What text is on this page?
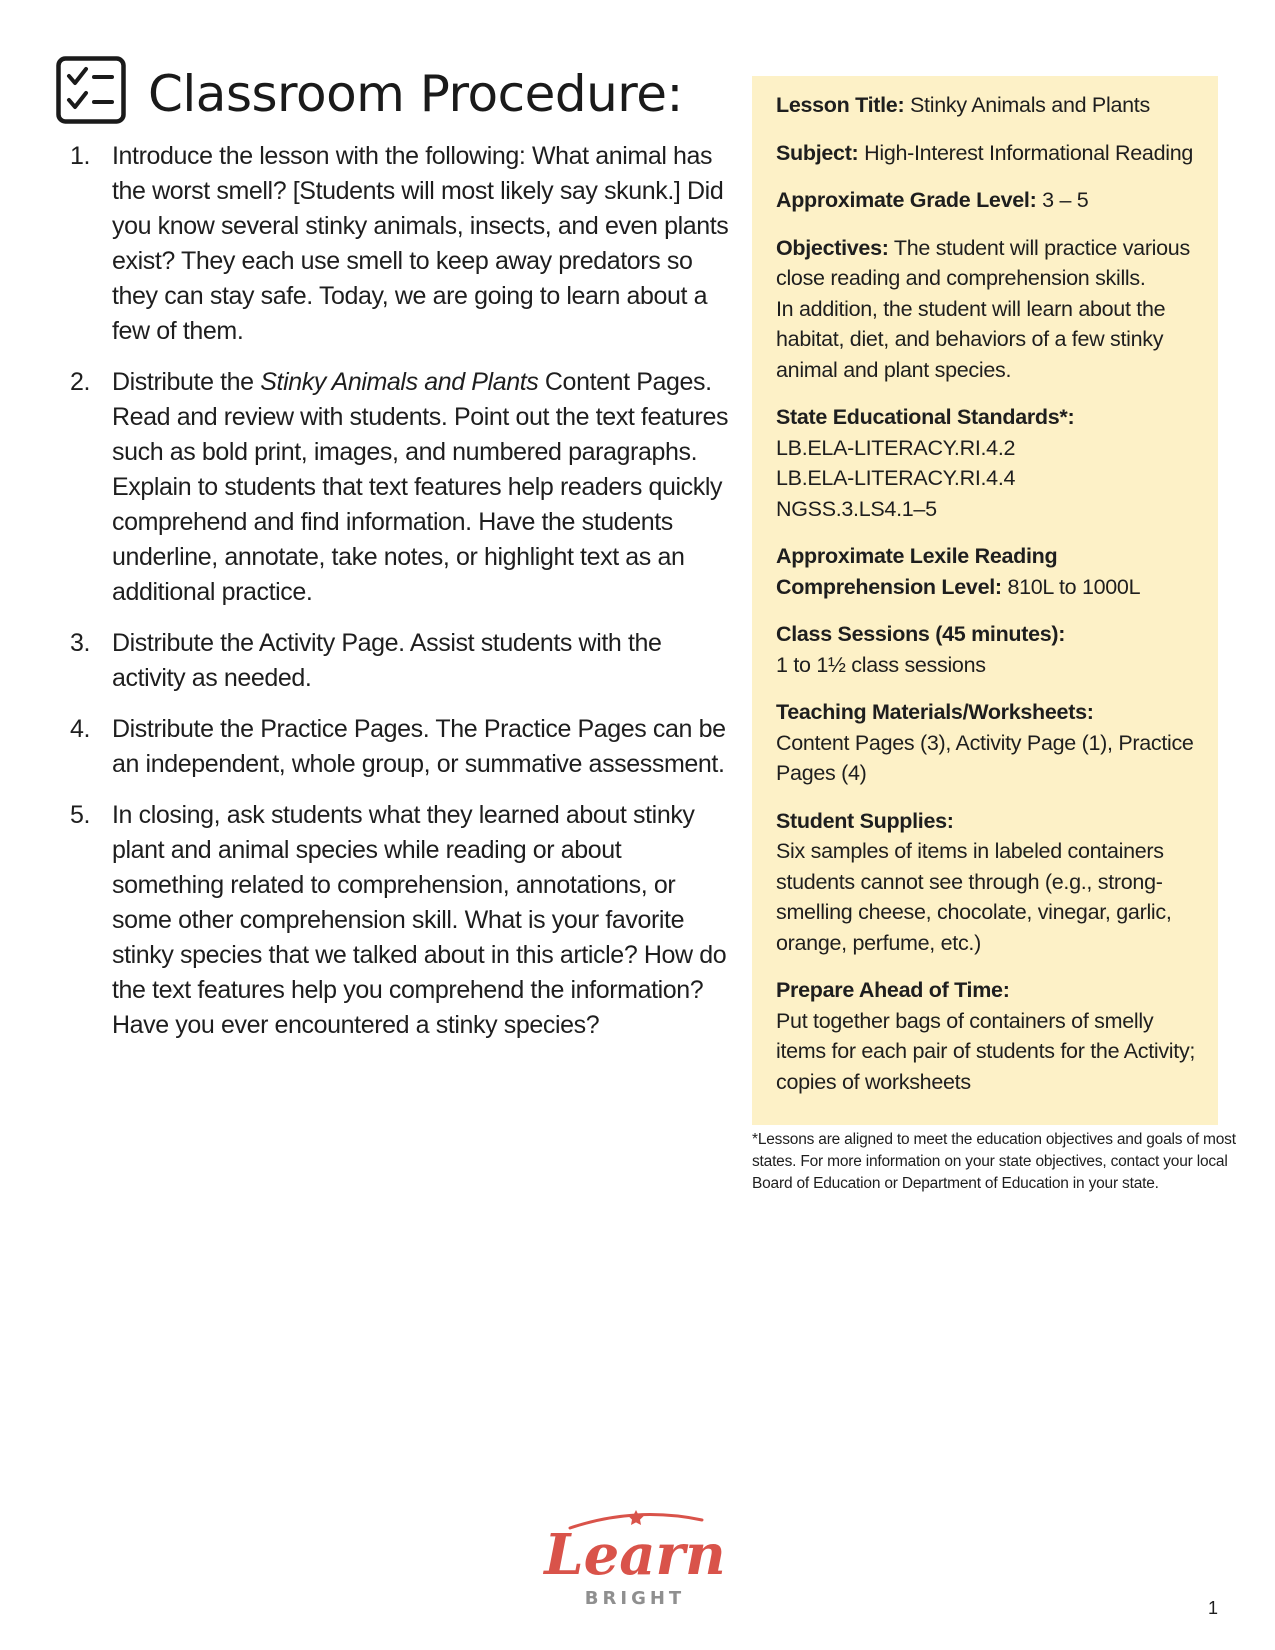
Classroom Procedure:
1. Introduce the lesson with the following: What animal has the worst smell? [Students will most likely say skunk.] Did you know several stinky animals, insects, and even plants exist? They each use smell to keep away predators so they can stay safe. Today, we are going to learn about a few of them.
2. Distribute the Stinky Animals and Plants Content Pages. Read and review with students. Point out the text features such as bold print, images, and numbered paragraphs. Explain to students that text features help readers quickly comprehend and find information. Have the students underline, annotate, take notes, or highlight text as an additional practice.
3. Distribute the Activity Page. Assist students with the activity as needed.
4. Distribute the Practice Pages. The Practice Pages can be an independent, whole group, or summative assessment.
5. In closing, ask students what they learned about stinky plant and animal species while reading or about something related to comprehension, annotations, or some other comprehension skill. What is your favorite stinky species that we talked about in this article? How do the text features help you comprehend the information? Have you ever encountered a stinky species?
Lesson Title: Stinky Animals and Plants
Subject: High-Interest Informational Reading
Approximate Grade Level: 3 – 5
Objectives: The student will practice various close reading and comprehension skills.
In addition, the student will learn about the habitat, diet, and behaviors of a few stinky animal and plant species.
State Educational Standards*:
LB.ELA-LITERACY.RI.4.2
LB.ELA-LITERACY.RI.4.4
NGSS.3.LS4.1–5
Approximate Lexile Reading
Comprehension Level: 810L to 1000L
Class Sessions (45 minutes):
1 to 1½ class sessions
Teaching Materials/Worksheets:
Content Pages (3), Activity Page (1), Practice Pages (4)
Student Supplies:
Six samples of items in labeled containers students cannot see through (e.g., strong-smelling cheese, chocolate, vinegar, garlic, orange, perfume, etc.)
Prepare Ahead of Time:
Put together bags of containers of smelly items for each pair of students for the Activity; copies of worksheets
*Lessons are aligned to meet the education objectives and goals of most states. For more information on your state objectives, contact your local Board of Education or Department of Education in your state.
Learn
BRIGHT	1
